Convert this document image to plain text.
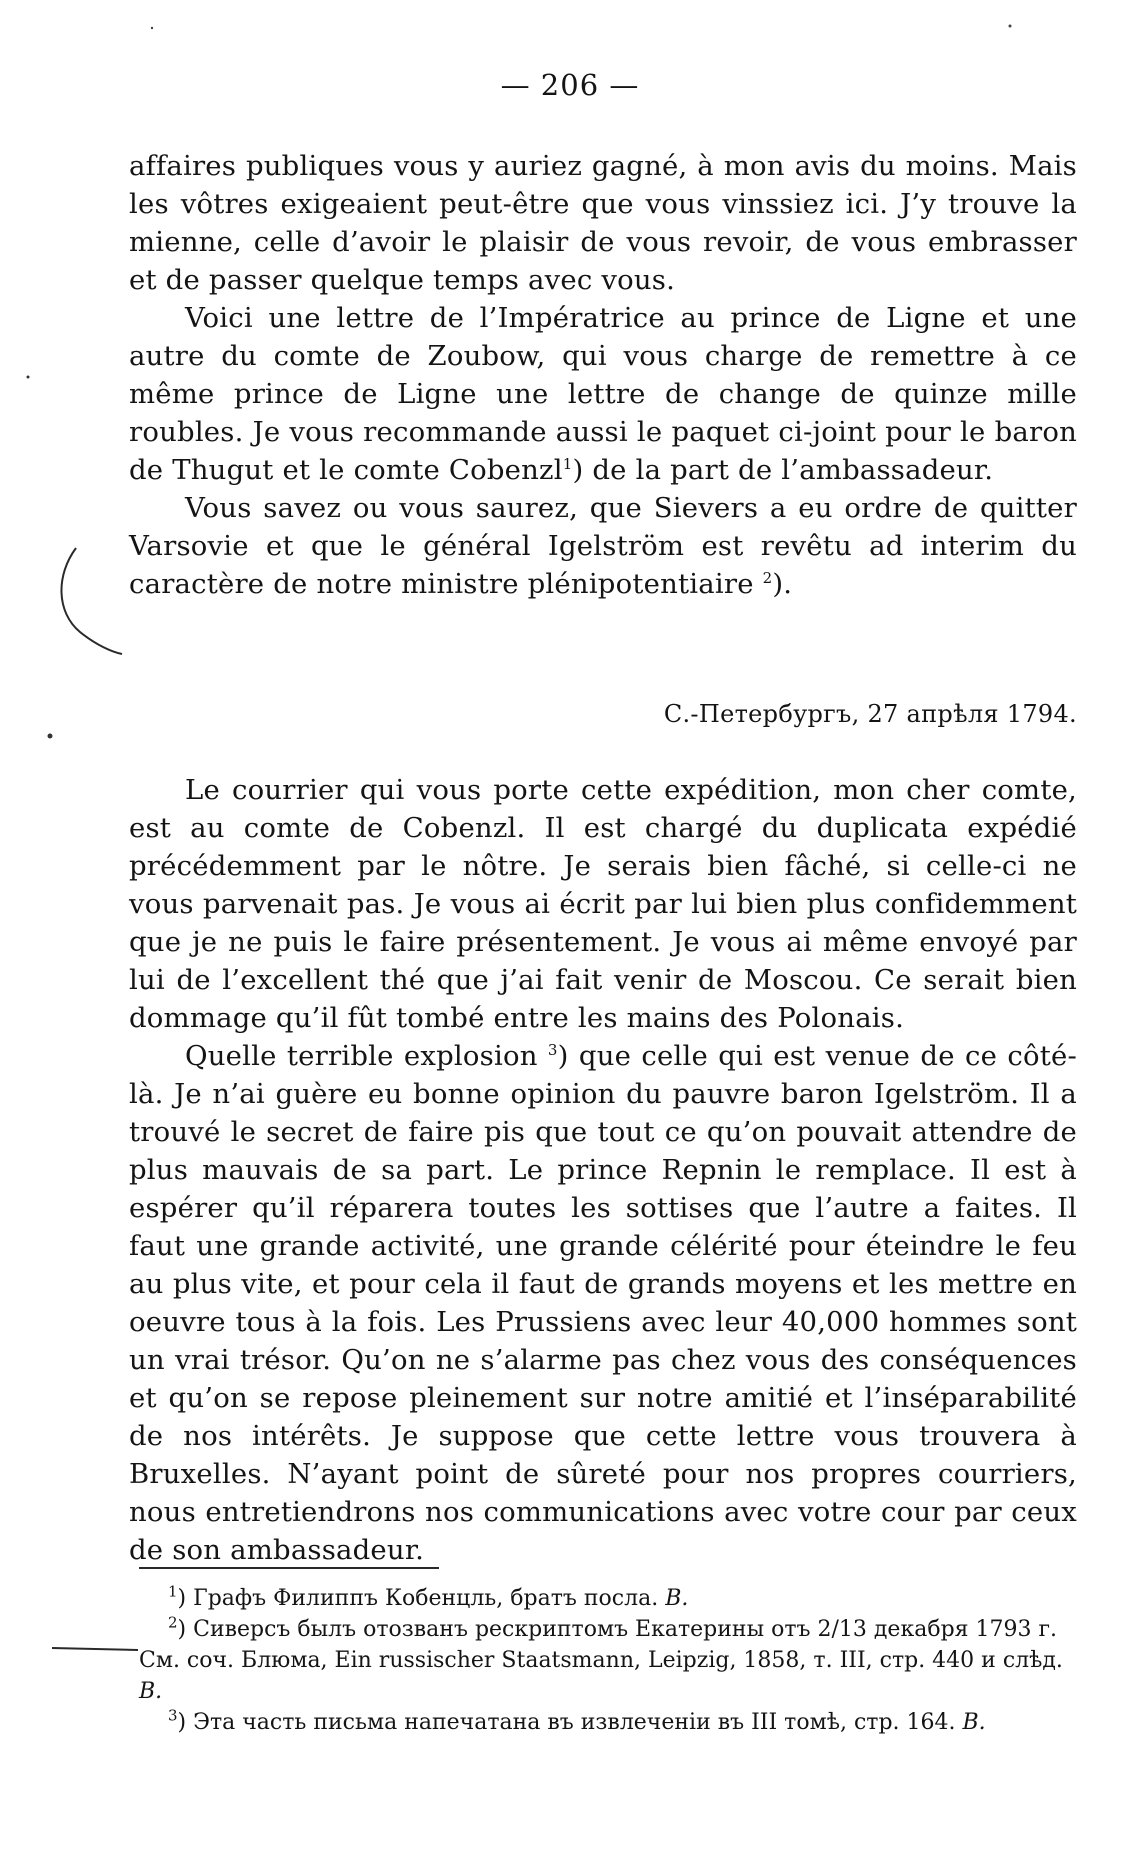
— 206 —

affaires publiques vous y auriez gagné, à mon avis du moins. Mais les vôtres exigeaient peut-être que vous vinssiez ici. J’y trouve la mienne, celle d’avoir le plaisir de vous revoir, de vous embrasser et de passer quelque temps avec vous.

Voici une lettre de l’Impératrice au prince de Ligne et une autre du comte de Zoubow, qui vous charge de remettre à ce même prince de Ligne une lettre de change de quinze mille roubles. Je vous recommande aussi le paquet ci-joint pour le baron de Thugut et le comte Cobenzl$^1$) de la part de l’ambassadeur.

Vous savez ou vous saurez, que Sievers a eu ordre de quitter Varsovie et que le général Igelström est revêtu ad interim du caractère de notre ministre plénipotentiaire $^2$).

С.-Петербургъ, 27 апрѣля 1794.

Le courrier qui vous porte cette expédition, mon cher comte, est au comte de Cobenzl. Il est chargé du duplicata expédié précédemment par le nôtre. Je serais bien fâché, si celle-ci ne vous parvenait pas. Je vous ai écrit par lui bien plus confidemment que je ne puis le faire présentement. Je vous ai même envoyé par lui de l’excellent thé que j’ai fait venir de Moscou. Ce serait bien dommage qu’il fût tombé entre les mains des Polonais.

Quelle terrible explosion $^3$) que celle qui est venue de ce côté-là. Je n’ai guère eu bonne opinion du pauvre baron Igelström. Il a trouvé le secret de faire pis que tout ce qu’on pouvait attendre de plus mauvais de sa part. Le prince Repnin le remplace. Il est à espérer qu’il réparera toutes les sottises que l’autre a faites. Il faut une grande activité, une grande célérité pour éteindre le feu au plus vite, et pour cela il faut de grands moyens et les mettre en oeuvre tous à la fois. Les Prussiens avec leur 40,000 hommes sont un vrai trésor. Qu’on ne s’alarme pas chez vous des conséquences et qu’on se repose pleinement sur notre amitié et l’inséparabilité de nos intérêts. Je suppose que cette lettre vous trouvera à Bruxelles. N’ayant point de sûreté pour nos propres courriers, nous entretiendrons nos communications avec votre cour par ceux de son ambassadeur.

$^1$) Графъ Филиппъ Кобенцль, братъ посла. В.

$^2$) Сиверсъ былъ отозванъ рескриптомъ Екатерины отъ 2/13 декабря 1793 г.

См. соч. Блюма, Ein russischer Staatsmann, Leipzig, 1858, т. III, стр. 440 и слѣд. В.

$^3$) Эта часть письма напечатана въ извлеченіи въ III томѣ, стр. 164. В.
